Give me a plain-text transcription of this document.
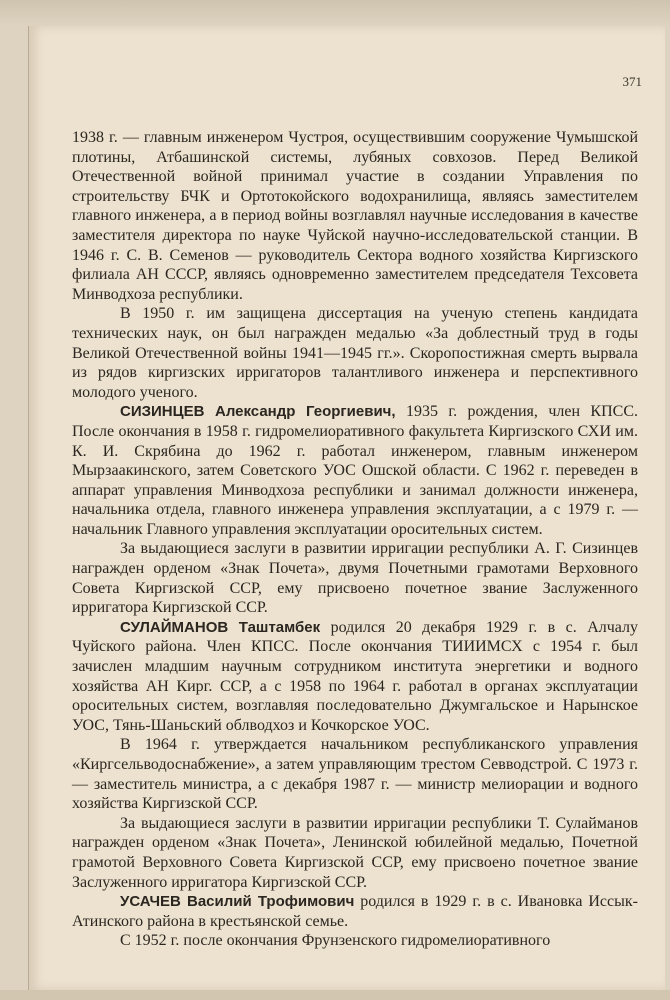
371

1938 г. — главным инженером Чустроя, осуществившим сооружение Чумышской плотины, Атбашинской системы, лубяных совхозов. Перед Великой Отечественной войной принимал участие в создании Управления по строительству БЧК и Ортотокойского водохранилища, являясь заместителем главного инженера, а в период войны возглавлял научные исследования в качестве заместителя директора по науке Чуйской научно-исследовательской станции. В 1946 г. С. В. Семенов — руководитель Сектора водного хозяйства Киргизского филиала АН СССР, являясь одновременно заместителем председателя Техсовета Минводхоза республики.

В 1950 г. им защищена диссертация на ученую степень кандидата технических наук, он был награжден медалью «За доблестный труд в годы Великой Отечественной войны 1941—1945 гг.». Скоропостижная смерть вырвала из рядов киргизских ирригаторов талантливого инженера и перспективного молодого ученого.

СИЗИНЦЕВ Александр Георгиевич, 1935 г. рождения, член КПСС. После окончания в 1958 г. гидромелиоративного факультета Киргизского СХИ им. К. И. Скрябина до 1962 г. работал инженером, главным инженером Мырзаакинского, затем Советского УОС Ошской области. С 1962 г. переведен в аппарат управления Минводхоза республики и занимал должности инженера, начальника отдела, главного инженера управления эксплуатации, а с 1979 г. — начальник Главного управления эксплуатации оросительных систем.

За выдающиеся заслуги в развитии ирригации республики А. Г. Сизинцев награжден орденом «Знак Почета», двумя Почетными грамотами Верховного Совета Киргизской ССР, ему присвоено почетное звание Заслуженного ирригатора Киргизской ССР.

СУЛАЙМАНОВ Таштамбек родился 20 декабря 1929 г. в с. Алчалу Чуйского района. Член КПСС. После окончания ТИИИМСХ с 1954 г. был зачислен младшим научным сотрудником института энергетики и водного хозяйства АН Кирг. ССР, а с 1958 по 1964 г. работал в органах эксплуатации оросительных систем, возглавляя последовательно Джумгальское и Нарынское УОС, Тянь-Шаньский облводхоз и Кочкорское УОС.

В 1964 г. утверждается начальником республиканского управления «Киргсельводоснабжение», а затем управляющим трестом Севводстрой. С 1973 г.— заместитель министра, а с декабря 1987 г. — министр мелиорации и водного хозяйства Киргизской ССР.

За выдающиеся заслуги в развитии ирригации республики Т. Сулайманов награжден орденом «Знак Почета», Ленинской юбилейной медалью, Почетной грамотой Верховного Совета Киргизской ССР, ему присвоено почетное звание Заслуженного ирригатора Киргизской ССР.

УСАЧЕВ Василий Трофимович родился в 1929 г. в с. Ивановка Иссык-Атинского района в крестьянской семье.

С 1952 г. после окончания Фрунзенского гидромелиоративного
